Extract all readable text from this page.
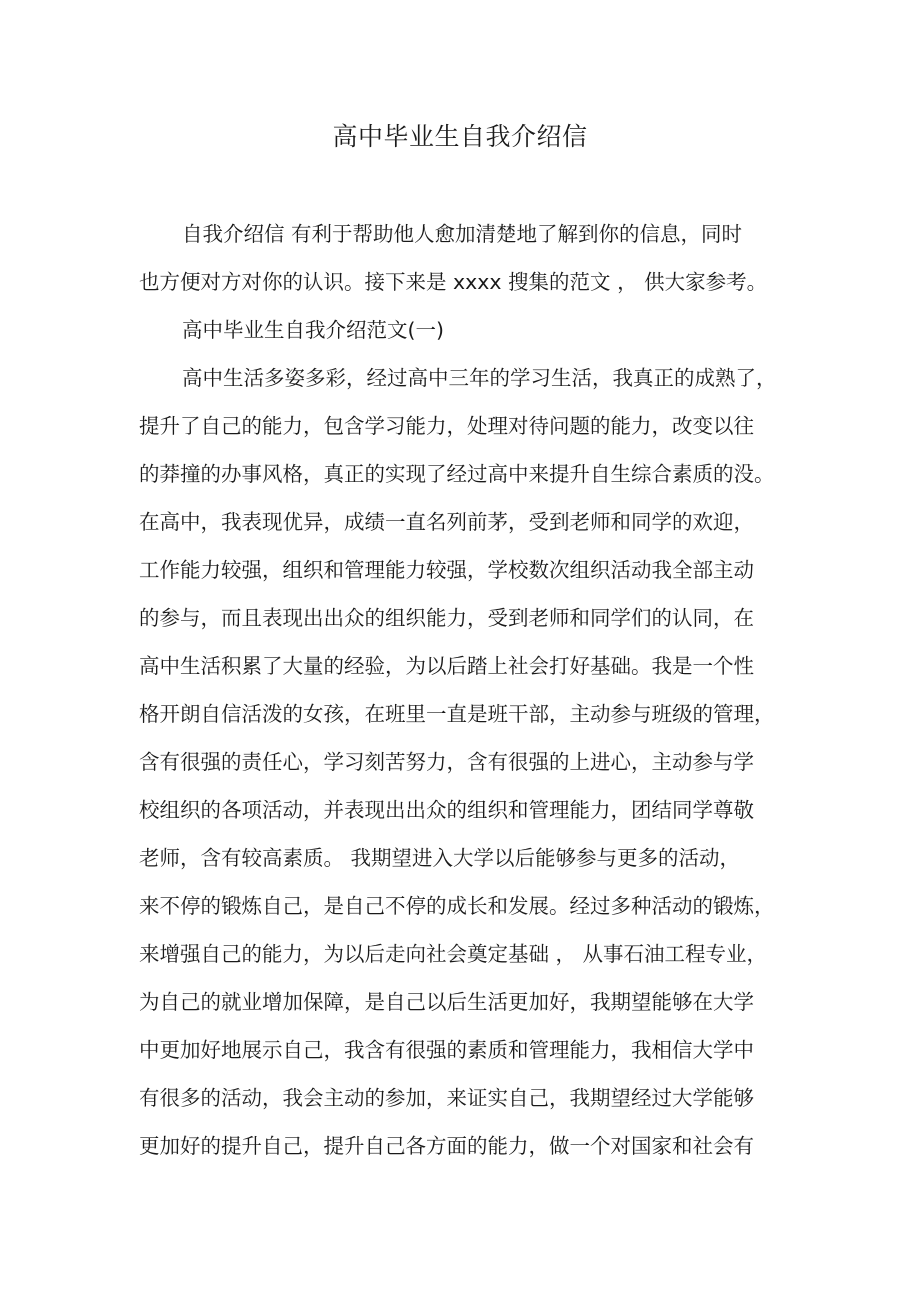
高中毕业生自我介绍信
自我介绍信 有利于帮助他人愈加清楚地了解到你的信息，同时
也方便对方对你的认识。接下来是 xxxx 搜集的范文 ， 供大家参考。
高中毕业生自我介绍范文(一)
高中生活多姿多彩，经过高中三年的学习生活，我真正的成熟了，
提升了自己的能力，包含学习能力，处理对待问题的能力，改变以往
的莽撞的办事风格，真正的实现了经过高中来提升自生综合素质的没。
在高中，我表现优异，成绩一直名列前茅，受到老师和同学的欢迎，
工作能力较强，组织和管理能力较强，学校数次组织活动我全部主动
的参与，而且表现出出众的组织能力，受到老师和同学们的认同，在
高中生活积累了大量的经验，为以后踏上社会打好基础。我是一个性
格开朗自信活泼的女孩，在班里一直是班干部，主动参与班级的管理，
含有很强的责任心，学习刻苦努力，含有很强的上进心，主动参与学
校组织的各项活动，并表现出出众的组织和管理能力，团结同学尊敬
老师，含有较高素质。 我期望进入大学以后能够参与更多的活动，
来不停的锻炼自己，是自己不停的成长和发展。经过多种活动的锻炼，
来增强自己的能力，为以后走向社会奠定基础 ， 从事石油工程专业，
为自己的就业增加保障，是自己以后生活更加好，我期望能够在大学
中更加好地展示自己，我含有很强的素质和管理能力，我相信大学中
有很多的活动，我会主动的参加，来证实自己，我期望经过大学能够
更加好的提升自己，提升自己各方面的能力，做一个对国家和社会有
